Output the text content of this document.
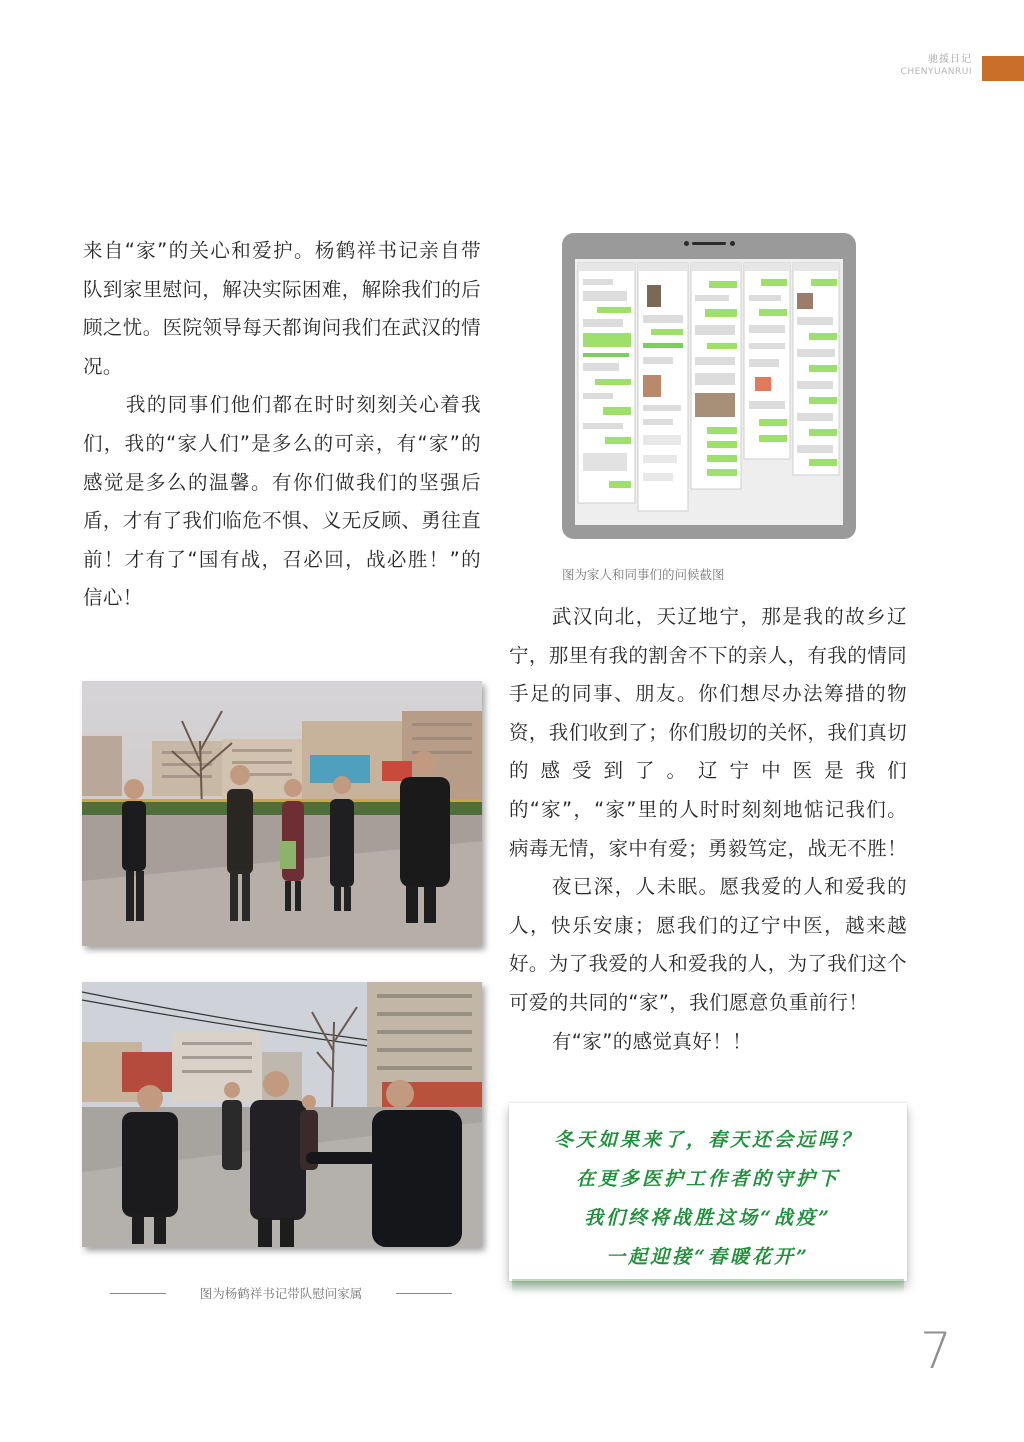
驰援日记
CHENYUANRUI

来自“家”的关心和爱护。杨鹤祥书记亲自带队到家里慰问，解决实际困难，解除我们的后顾之忧。医院领导每天都询问我们在武汉的情况。

我的同事们他们都在时时刻刻关心着我们，我的“家人们”是多么的可亲，有“家”的感觉是多么的温馨。有你们做我们的坚强后盾，才有了我们临危不惧、义无反顾、勇往直前！才有了“国有战，召必回，战必胜！”的信心！

图为家人和同事们的问候截图
图为杨鹤祥书记带队慰问家属

武汉向北，天辽地宁，那是我的故乡辽宁，那里有我的割舍不下的亲人，有我的情同手足的同事、朋友。你们想尽办法筹措的物资，我们收到了；你们殷切的关怀，我们真切的感受到了。辽宁中医是我们的“家”，“家”里的人时时刻刻地惦记我们。病毒无情，家中有爱；勇毅笃定，战无不胜！

夜已深，人未眠。愿我爱的人和爱我的人，快乐安康；愿我们的辽宁中医，越来越好。为了我爱的人和爱我的人，为了我们这个可爱的共同的“家”，我们愿意负重前行！

有“家”的感觉真好！！

冬天如果来了，春天还会远吗？
在更多医护工作者的守护下
我们终将战胜这场“战疫”
一起迎接“春暖花开”
7
